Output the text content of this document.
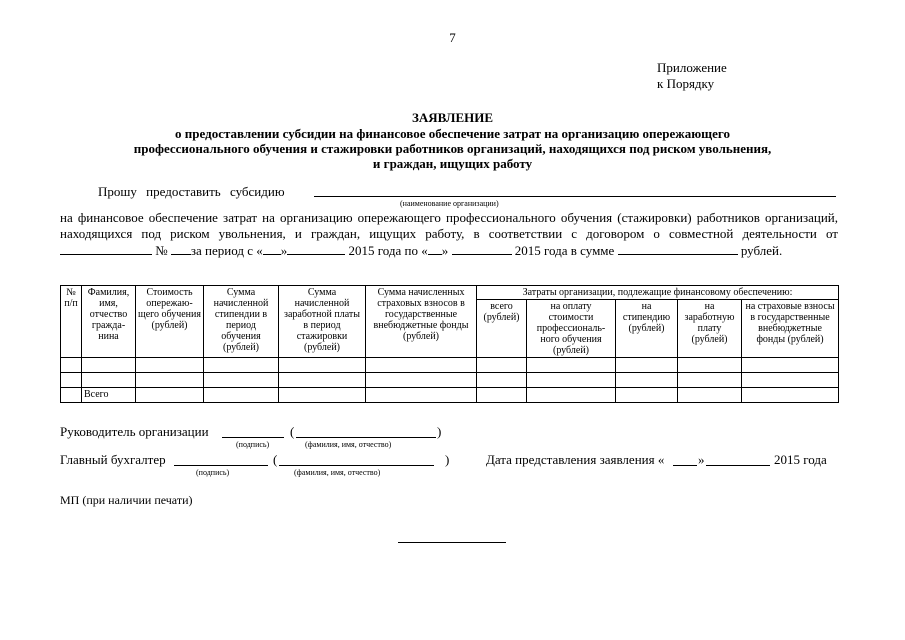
7
Приложение
к Порядку
ЗАЯВЛЕНИЕ
о предоставлении субсидии на финансовое обеспечение затрат на организацию опережающего
профессионального обучения и стажировки работников организаций, находящихся под риском увольнения,
и граждан, ищущих работу
Прошу предоставить субсидию
(наименование организации)
на финансовое обеспечение затрат на организацию опережающего профессионального обучения (стажировки) работников организаций, находящихся под риском увольнения, и граждан, ищущих работу, в соответствии с договором о совместной деятельности от  № за период с « »	2015 года по « »	2015 года в сумме	рублей.
№ п/п	Фамилия, имя, отчество гражда-нина	Стоимость опережаю-щего обучения (рублей)	Сумма начисленной стипендии в период обучения (рублей)	Сумма начисленной заработной платы в период стажировки (рублей)	Сумма начисленных страховых взносов в государственные внебюджетные фонды (рублей)	Затраты организации, подлежащие финансовому обеспечению:				
						всего (рублей)	на оплату стоимости профессиональ-ного обучения (рублей)	на стипендию (рублей)	на заработную плату (рублей)	на страховые взносы в государственные внебюджетные фонды (рублей)

	Всего									
Руководитель организации	(	)
(подпись)	(фамилия, имя, отчество)
Главный бухгалтер	(	)
(подпись)	(фамилия, имя, отчество)
Дата представления заявления «	»	2015 года
МП (при наличии печати)
